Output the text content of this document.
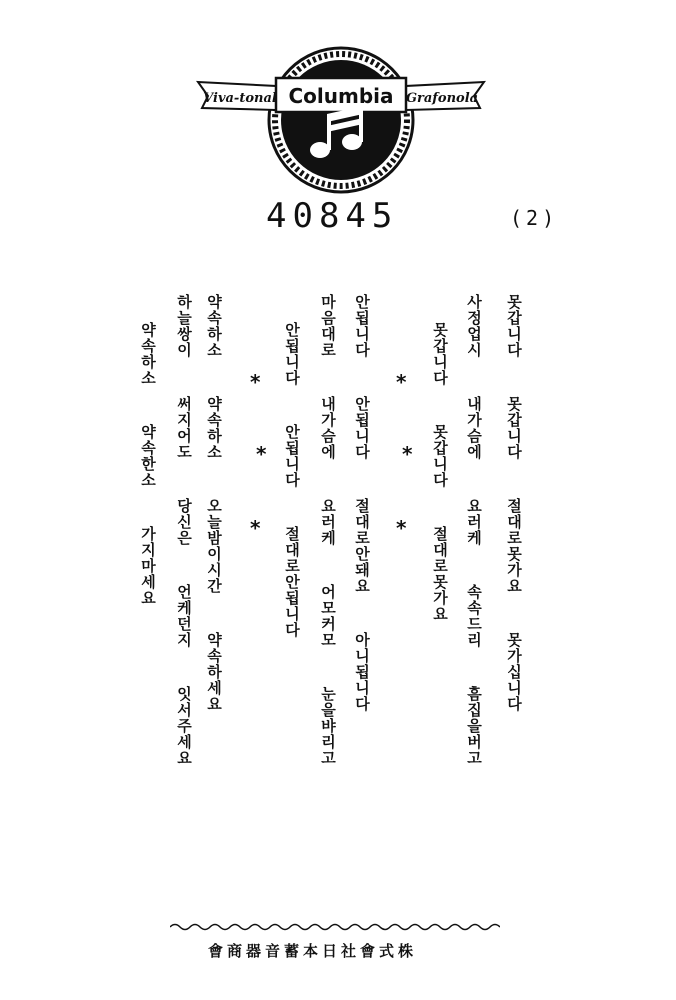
Viva-tonal Columbia Grafonola
40845	(2)
못갑니다  못갑니다  절대로못가요  못가십니다
사정업시  내가슴에  요러케  속속드리  흠집을버고
못갑니다  못갑니다  절대로못가요
*
*
*
안됩니다  안됩니다  절대로안돼요  아니됩니다
마음대로  내가슴에  요러케  어모커모  눈을뱌리고
안됩니다  안됩니다  절대로안됩니다
*
*
*
약속하소  약속하소  오늘밤이시간  약속하세요
하늘쌍이  써지어도  당신은  언케던지  잇서주세요
약속하소  약속한소  가지마세요
會商器音蓄本日社會式株
